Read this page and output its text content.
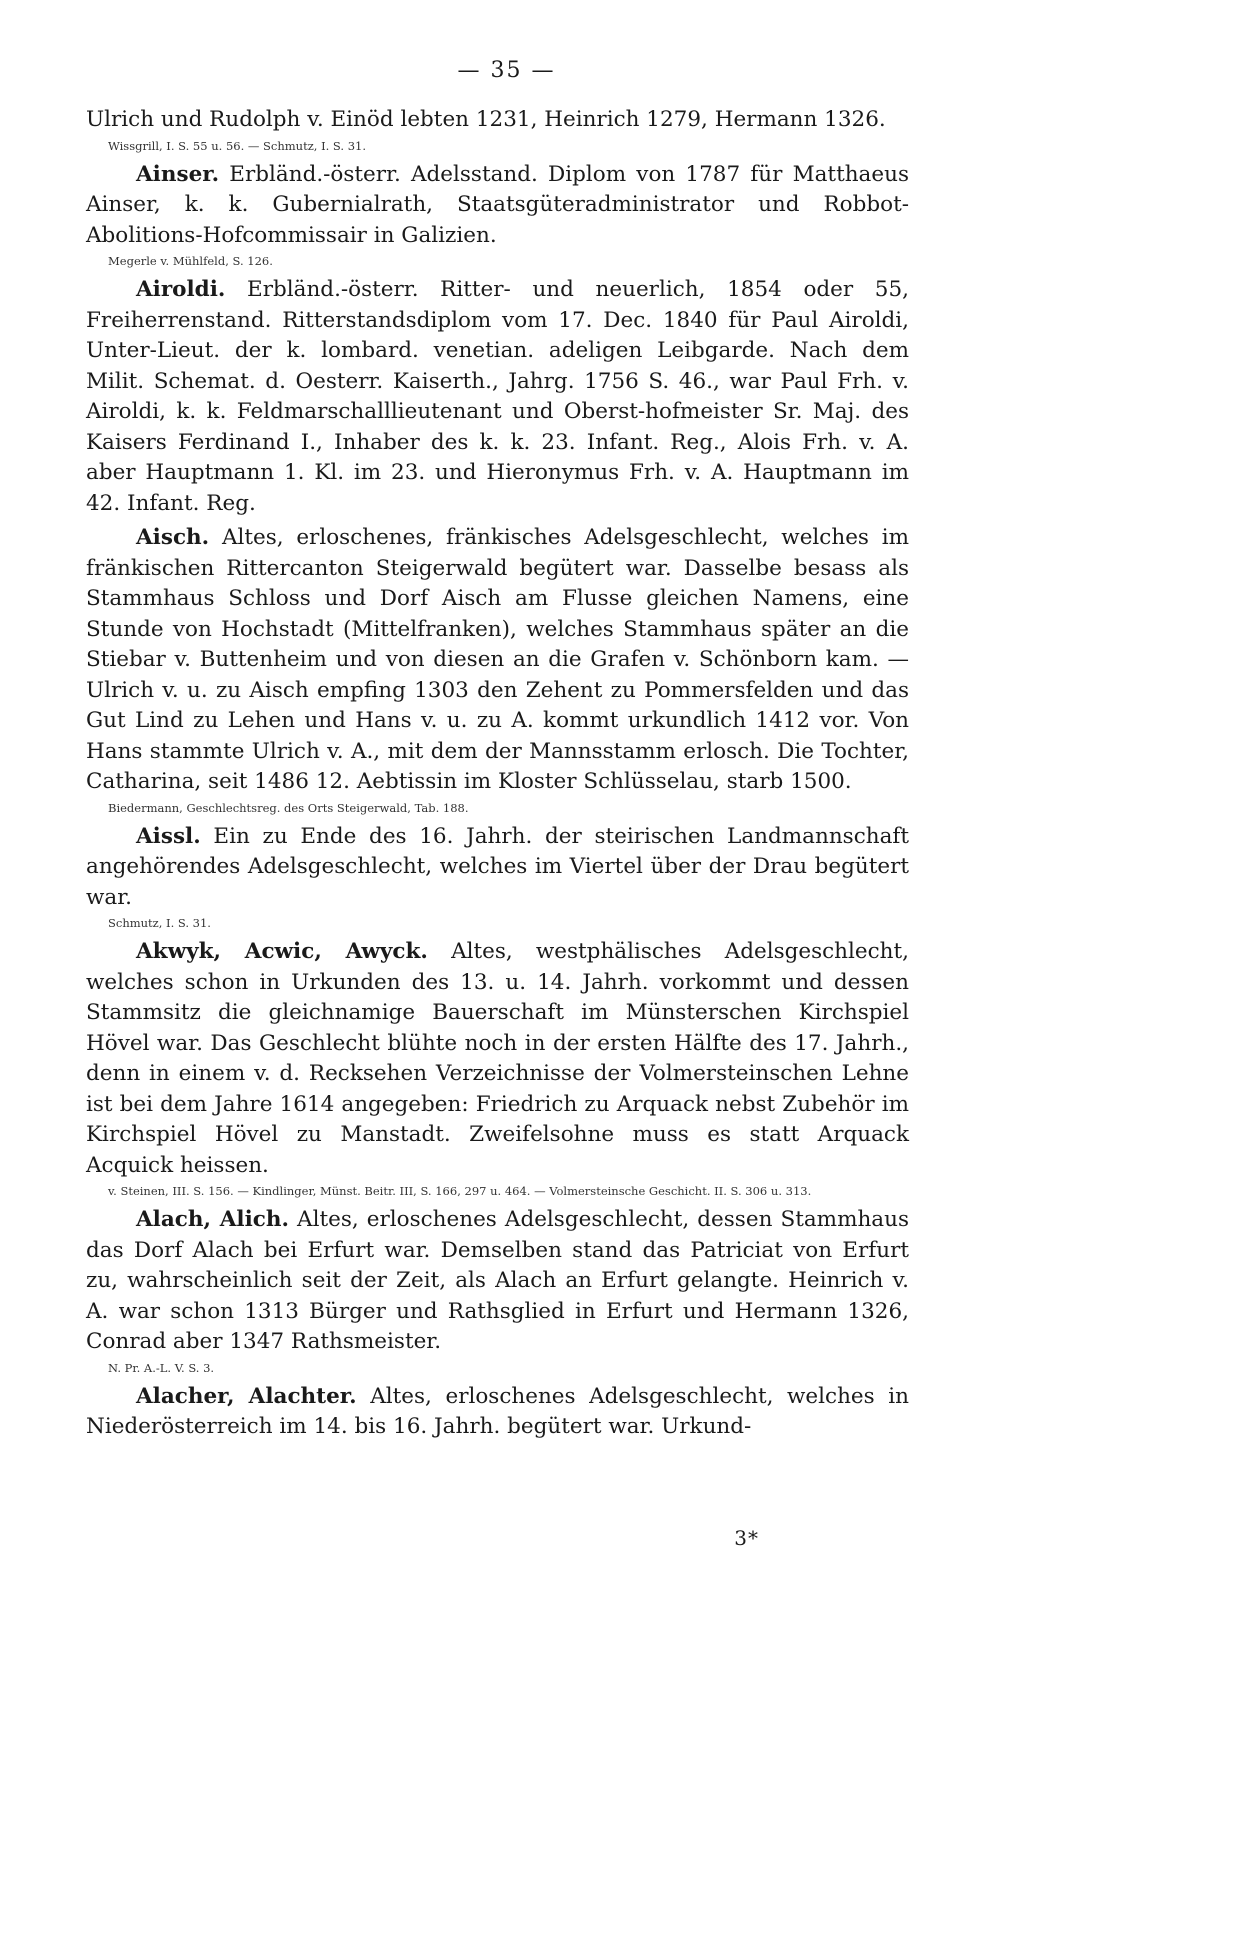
— 35 —

Ulrich und Rudolph v. Einöd lebten 1231, Heinrich 1279, Hermann 1326.

Wissgrill, I. S. 55 u. 56. — Schmutz, I. S. 31.

Ainser. Erbländ.-österr. Adelsstand. Diplom von 1787 für Matthaeus Ainser, k. k. Gubernialrath, Staatsgüteradministrator und Robbot-Abolitions-Hofcommissair in Galizien.

Megerle v. Mühlfeld, S. 126.

Airoldi. Erbländ.-österr. Ritter- und neuerlich, 1854 oder 55, Freiherrenstand. Ritterstandsdiplom vom 17. Dec. 1840 für Paul Airoldi, Unter-Lieut. der k. lombard. venetian. adeligen Leibgarde. Nach dem Milit. Schemat. d. Oesterr. Kaiserth., Jahrg. 1756 S. 46., war Paul Frh. v. Airoldi, k. k. Feldmarschalllieutenant und Oberst-hofmeister Sr. Maj. des Kaisers Ferdinand I., Inhaber des k. k. 23. Infant. Reg., Alois Frh. v. A. aber Hauptmann 1. Kl. im 23. und Hieronymus Frh. v. A. Hauptmann im 42. Infant. Reg.

Aisch. Altes, erloschenes, fränkisches Adelsgeschlecht, welches im fränkischen Rittercanton Steigerwald begütert war. Dasselbe besass als Stammhaus Schloss und Dorf Aisch am Flusse gleichen Namens, eine Stunde von Hochstadt (Mittelfranken), welches Stammhaus später an die Stiebar v. Buttenheim und von diesen an die Grafen v. Schönborn kam. — Ulrich v. u. zu Aisch empfing 1303 den Zehent zu Pommersfelden und das Gut Lind zu Lehen und Hans v. u. zu A. kommt urkundlich 1412 vor. Von Hans stammte Ulrich v. A., mit dem der Mannsstamm erlosch. Die Tochter, Catharina, seit 1486 12. Aebtissin im Kloster Schlüsselau, starb 1500.

Biedermann, Geschlechtsreg. des Orts Steigerwald, Tab. 188.

Aissl. Ein zu Ende des 16. Jahrh. der steirischen Landmannschaft angehörendes Adelsgeschlecht, welches im Viertel über der Drau begütert war.

Schmutz, I. S. 31.

Akwyk, Acwic, Awyck. Altes, westphälisches Adelsgeschlecht, welches schon in Urkunden des 13. u. 14. Jahrh. vorkommt und dessen Stammsitz die gleichnamige Bauerschaft im Münsterschen Kirchspiel Hövel war. Das Geschlecht blühte noch in der ersten Hälfte des 17. Jahrh., denn in einem v. d. Recksehen Verzeichnisse der Volmersteinschen Lehne ist bei dem Jahre 1614 angegeben: Friedrich zu Arquack nebst Zubehör im Kirchspiel Hövel zu Manstadt. Zweifelsohne muss es statt Arquack Acquick heissen.

v. Steinen, III. S. 156. — Kindlinger, Münst. Beitr. III, S. 166, 297 u. 464. — Volmersteinsche Geschicht. II. S. 306 u. 313.

Alach, Alich. Altes, erloschenes Adelsgeschlecht, dessen Stammhaus das Dorf Alach bei Erfurt war. Demselben stand das Patriciat von Erfurt zu, wahrscheinlich seit der Zeit, als Alach an Erfurt gelangte. Heinrich v. A. war schon 1313 Bürger und Rathsglied in Erfurt und Hermann 1326, Conrad aber 1347 Rathsmeister.

N. Pr. A.-L. V. S. 3.

Alacher, Alachter. Altes, erloschenes Adelsgeschlecht, welches in Niederösterreich im 14. bis 16. Jahrh. begütert war. Urkund-

3*
